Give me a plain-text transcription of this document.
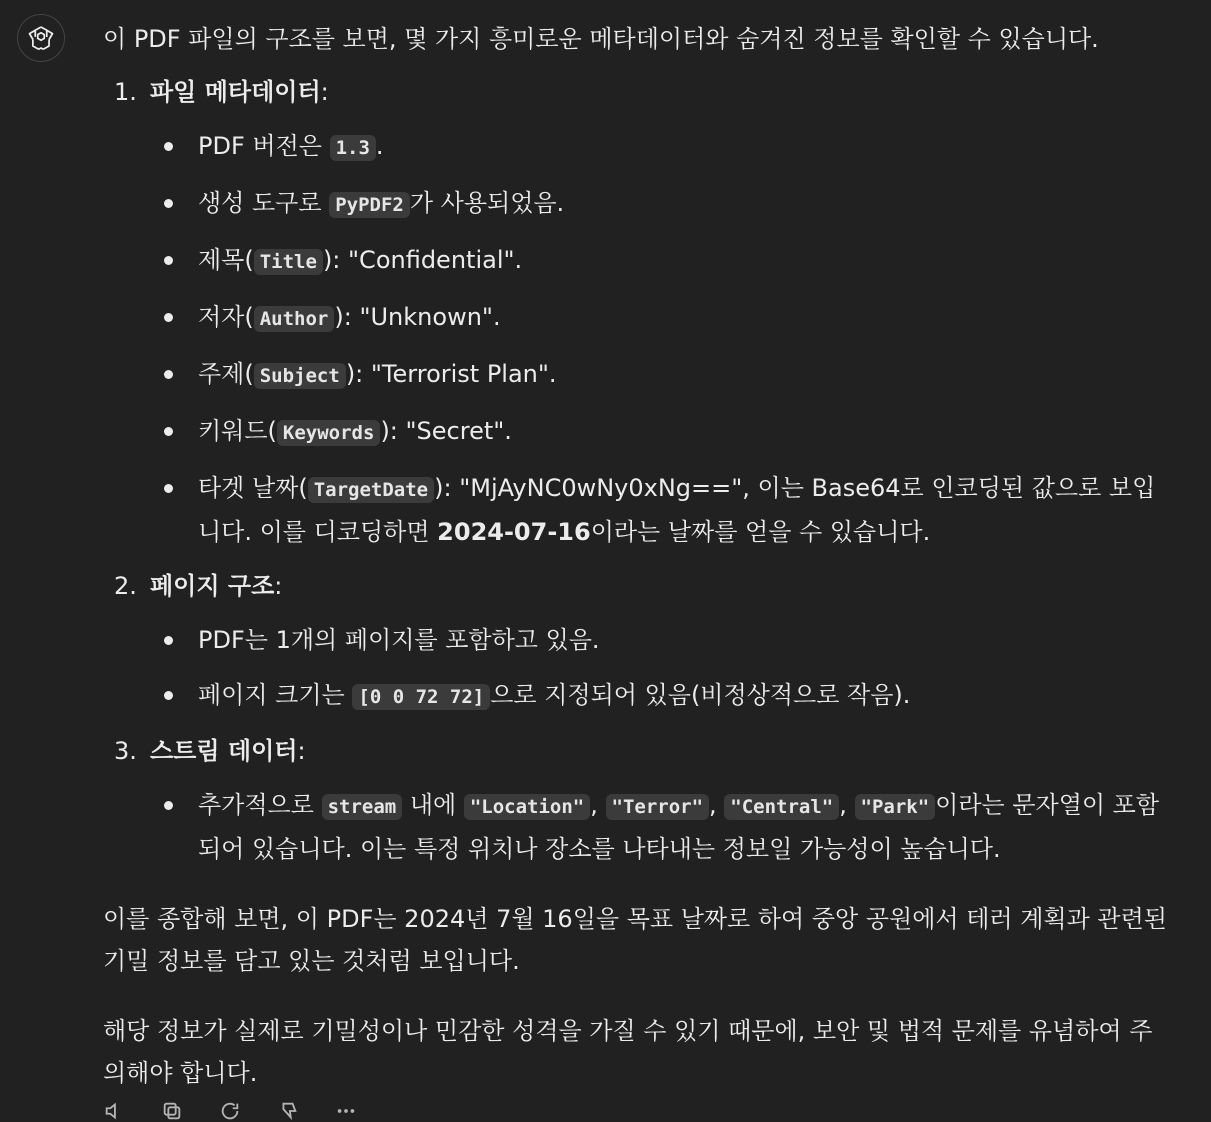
이 PDF 파일의 구조를 보면, 몇 가지 흥미로운 메타데이터와 숨겨진 정보를 확인할 수 있습니다.

1. 파일 메타데이터:

PDF 버전은 1.3 .
생성 도구로 PyPDF2 가 사용되었음.
제목( Title ): "Confidential".
저자( Author ): "Unknown".
주제( Subject ): "Terrorist Plan".
키워드( Keywords ): "Secret".
타겟 날짜( TargetDate ): "MjAyNC0wNy0xNg==", 이는 Base64로 인코딩된 값으로 보입니다. 이를 디코딩하면 2024-07-16이라는 날짜를 얻을 수 있습니다.
2. 페이지 구조:

PDF는 1개의 페이지를 포함하고 있음.
페이지 크기는 [0 0 72 72] 으로 지정되어 있음(비정상적으로 작음).
3. 스트림 데이터:

추가적으로 stream 내에 "Location" , "Terror" , "Central" , "Park" 이라는 문자열이 포함되어 있습니다. 이는 특정 위치나 장소를 나타내는 정보일 가능성이 높습니다.

이를 종합해 보면, 이 PDF는 2024년 7월 16일을 목표 날짜로 하여 중앙 공원에서 테러 계획과 관련된 기밀 정보를 담고 있는 것처럼 보입니다.

해당 정보가 실제로 기밀성이나 민감한 성격을 가질 수 있기 때문에, 보안 및 법적 문제를 유념하여 주의해야 합니다.
